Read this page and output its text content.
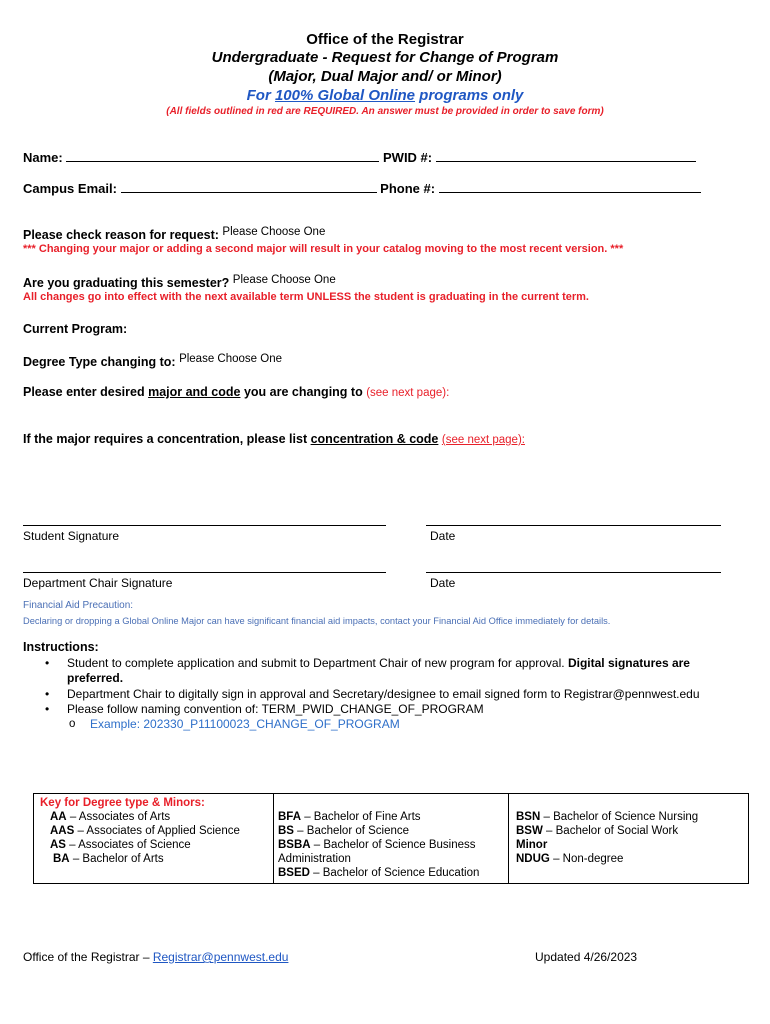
Office of the Registrar
Undergraduate - Request for Change of Program
(Major, Dual Major and/ or Minor)
For 100% Global Online programs only
(All fields outlined in red are REQUIRED. An answer must be provided in order to save form)
Name:	PWID #:
Campus Email:	Phone #:
Please check reason for request: Please Choose One
*** Changing your major or adding a second major will result in your catalog moving to the most recent version. ***
Are you graduating this semester? Please Choose One
All changes go into effect with the next available term UNLESS the student is graduating in the current term.
Current Program:
Degree Type changing to: Please Choose One
Please enter desired major and code you are changing to (see next page):
If the major requires a concentration, please list concentration & code (see next page):
Student Signature	Date
Department Chair Signature	Date
Financial Aid Precaution:
Declaring or dropping a Global Online Major can have significant financial aid impacts, contact your Financial Aid Office immediately for details.
Instructions:
• Student to complete application and submit to Department Chair of new program for approval. Digital signatures are
preferred.
• Department Chair to digitally sign in approval and Secretary/designee to email signed form to Registrar@pennwest.edu
• Please follow naming convention of: TERM_PWID_CHANGE_OF_PROGRAM
o Example: 202330_P11100023_CHANGE_OF_PROGRAM
Key for Degree type & Minors:
AA – Associates of Arts
AAS – Associates of Applied Science
AS – Associates of Science
BA – Bachelor of Arts
BFA – Bachelor of Fine Arts
BS – Bachelor of Science
BSBA – Bachelor of Science Business
Administration
BSED – Bachelor of Science Education
BSN – Bachelor of Science Nursing
BSW – Bachelor of Social Work
Minor
NDUG – Non-degree
Office of the Registrar – Registrar@pennwest.edu	Updated 4/26/2023
